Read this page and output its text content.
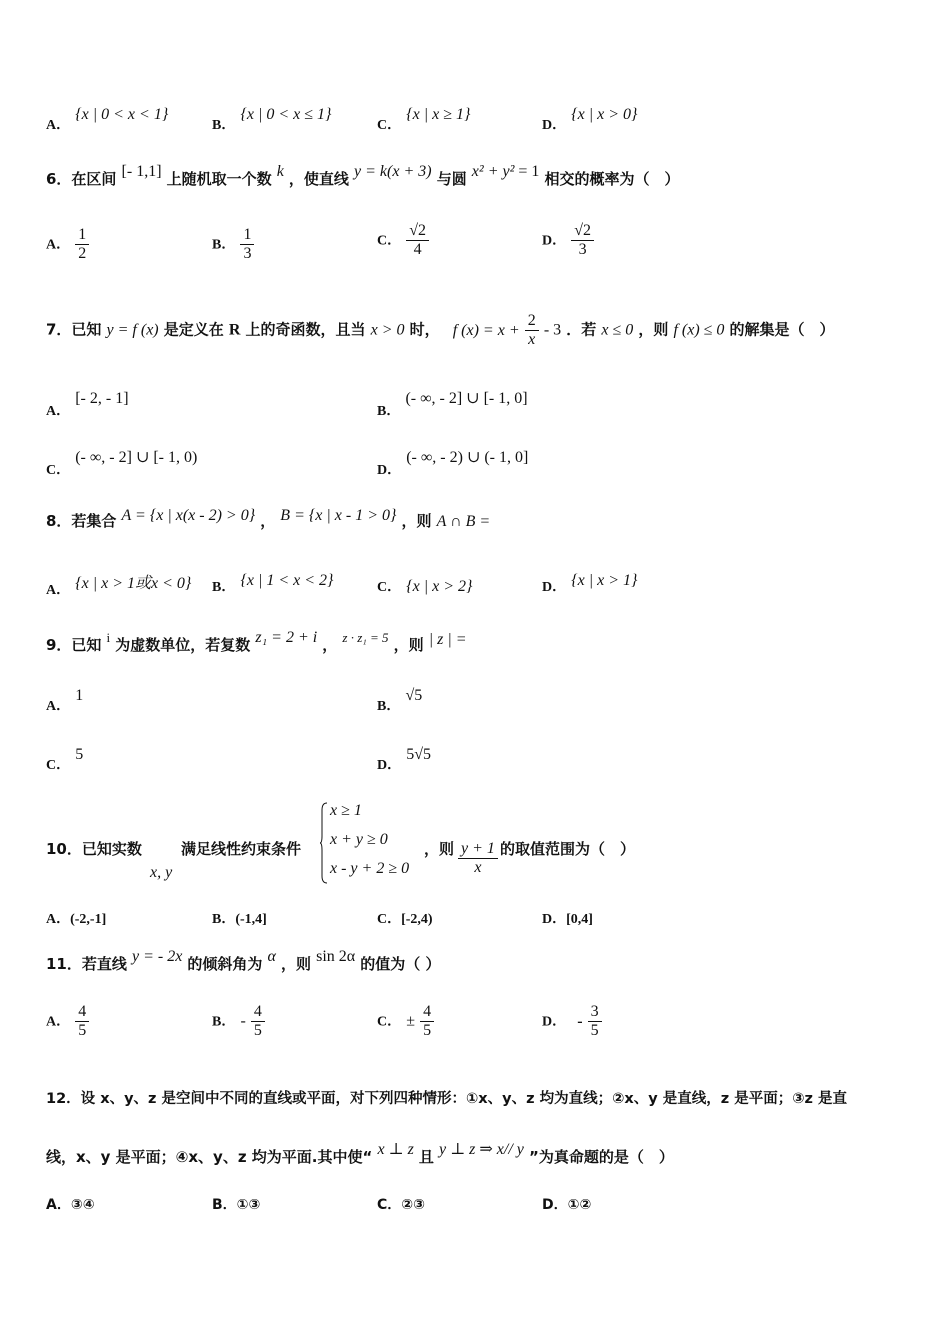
A． {x | 0 < x < 1}
B． {x | 0 < x ≤ 1}
C． {x | x ≥ 1}
D． {x | x > 0}
6．在区间 [- 1,1] 上随机取一个数 k ，使直线 y = k(x + 3) 与圆 x² + y² = 1 相交的概率为（　）
A． $\frac{1}{2}$	B． $\frac{1}{3}$	C． $\frac{√2}{4}$	D． $\frac{√2}{3}$
7．已知 y = f (x) 是定义在 R 上的奇函数，且当 x > 0 时， f $(x) = x + \frac{2}{x} - 3$ ．若 x ≤ 0 ，则 f (x) ≤ 0 的解集是（　）
A． [- 2, - 1]
B． (- ∞, - 2] ∪ [- 1, 0]
C． (- ∞, - 2] ∪ [- 1, 0)
D． (- ∞, - 2) ∪ (- 1, 0]
8．若集合 A = {x | x(x - 2) > 0} ， B = {x | x - 1 > 0} ，则 A ∩ B =
A． {x | x > 1或x < 0} B． {x | 1 < x < 2}	C． {x | x > 2}	D． {x | x > 1}
9．已知 $^i$ 为虚数单位，若复数 z₁ = 2 + i ， $^{z \cdot z_1 = 5}$ ，则 | z | =
A． 1
B． √5
C． 5
D． 5√5
10．已知实数
x, y
满足线性约束条件
x ≥ 1
x + y ≥ 0
x - y + 2 ≥ 0
，则 $\frac{y + 1}{x}$ 的取值范围为（　）
A．(-2,-1]	B．(-1,4]	C．[-2,4)	D．[0,4]
11．若直线 y = - 2x 的倾斜角为 α ，则 sin 2α 的值为（ ）
A． $\frac{4}{5}$	B． - $\frac{4}{5}$	C． ± $\frac{4}{5}$	D． - $\frac{3}{5}$
12．设 x、y、z 是空间中不同的直线或平面，对下列四种情形：①x、y、z 均为直线；②x、y 是直线，z 是平面；③z 是直
线，x、y 是平面；④x、y、z 均为平面.其中使“ x ⊥ z 且 y ⊥ z ⇒ x// y ”为真命题的是（　）
A．③④	B．①③	C．②③	D．①②
